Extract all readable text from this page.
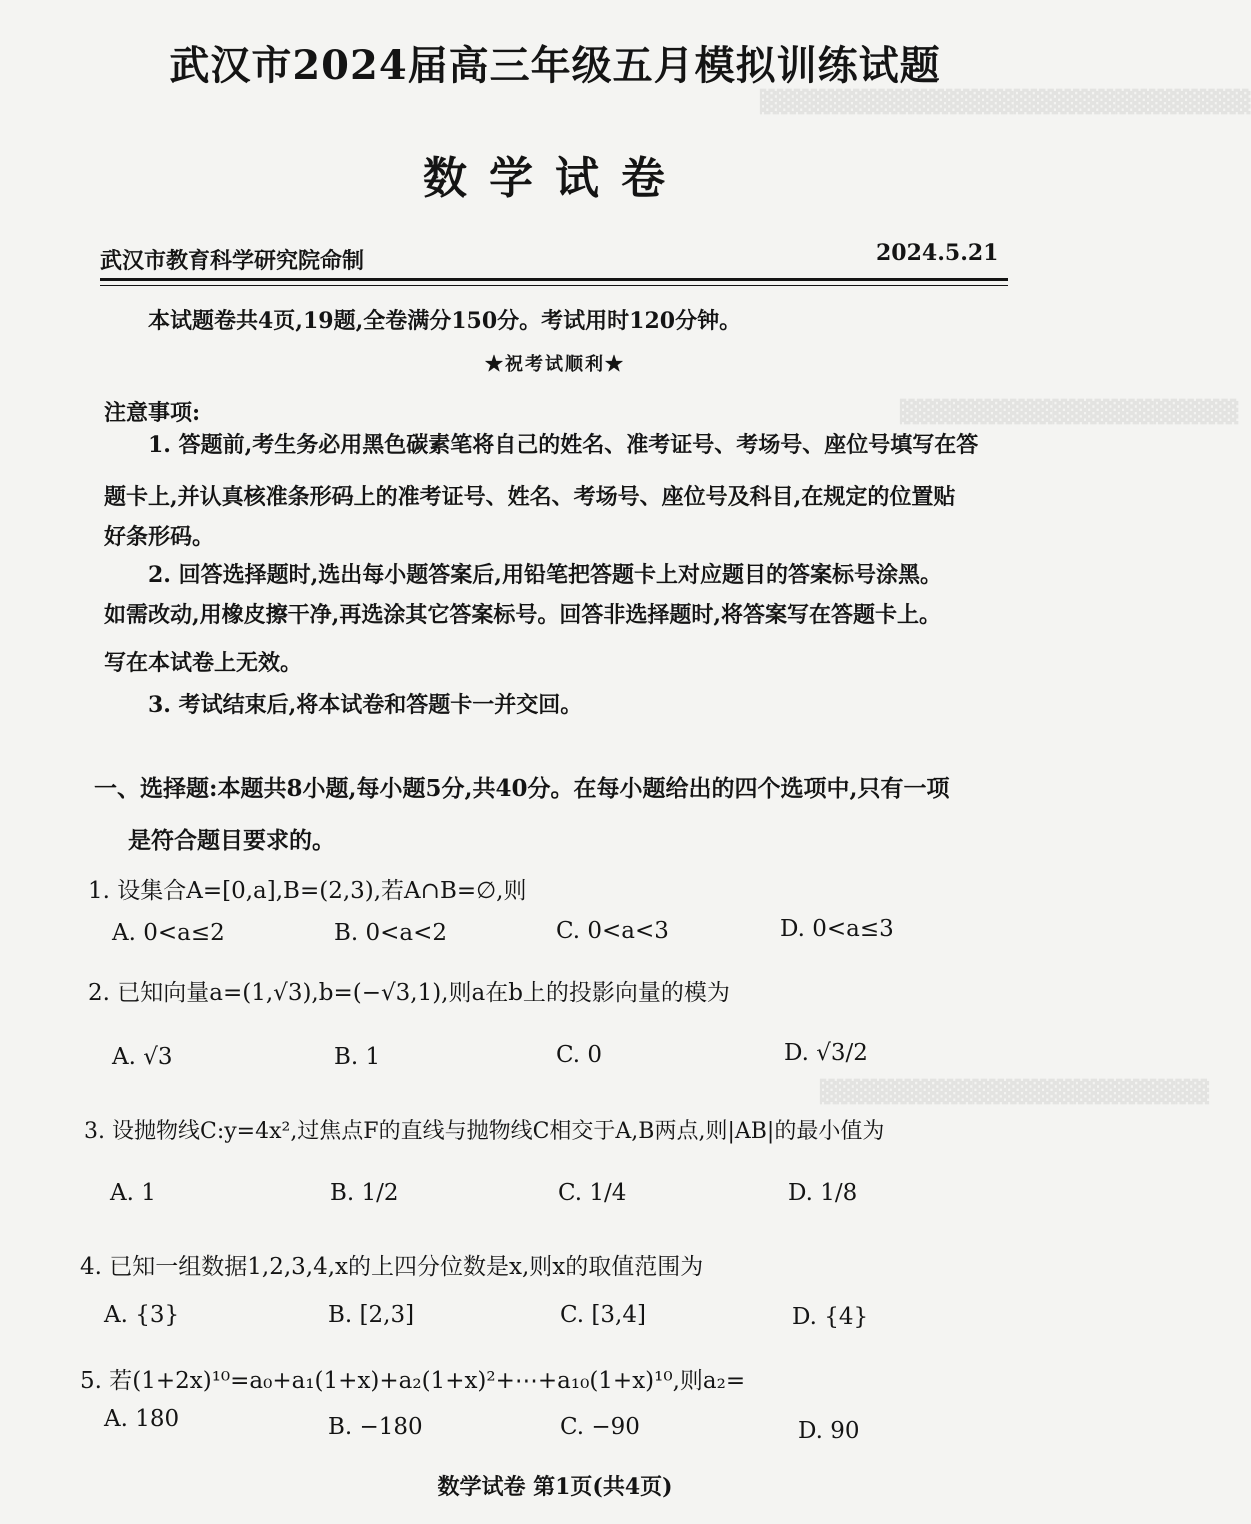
▓▓▓▓▓▓▓▓▓▓▓▓▓▓▓▓▓▓▓▓▓▓▓▓▓▓▓▓▓
▓▓▓▓▓▓▓▓▓▓▓▓▓▓▓▓▓▓▓▓
▓▓▓▓▓▓▓▓▓▓▓▓▓▓▓▓▓▓▓▓▓▓▓
武汉市2024届高三年级五月模拟训练试题
数学试卷
武汉市教育科学研究院命制	2024.5.21
本试题卷共4页,19题,全卷满分150分。考试用时120分钟。
★祝考试顺利★
注意事项:
1. 答题前,考生务必用黑色碳素笔将自己的姓名、准考证号、考场号、座位号填写在答
题卡上,并认真核准条形码上的准考证号、姓名、考场号、座位号及科目,在规定的位置贴
好条形码。
2. 回答选择题时,选出每小题答案后,用铅笔把答题卡上对应题目的答案标号涂黑。
如需改动,用橡皮擦干净,再选涂其它答案标号。回答非选择题时,将答案写在答题卡上。
写在本试卷上无效。
3. 考试结束后,将本试卷和答题卡一并交回。
一、选择题:本题共8小题,每小题5分,共40分。在每小题给出的四个选项中,只有一项
是符合题目要求的。
1. 设集合A=[0,a],B=(2,3),若A∩B=∅,则
A. 0<a≤2	B. 0<a<2	C. 0<a<3	D. 0<a≤3
2. 已知向量a=(1,√3),b=(−√3,1),则a在b上的投影向量的模为
A. √3	B. 1	C. 0	D. √3/2
3. 设抛物线C:y=4x²,过焦点F的直线与抛物线C相交于A,B两点,则|AB|的最小值为
A. 1	B. 1/2	C. 1/4	D. 1/8
4. 已知一组数据1,2,3,4,x的上四分位数是x,则x的取值范围为
A. {3}	B. [2,3]	C. [3,4]	D. {4}
5. 若(1+2x)¹⁰=a₀+a₁(1+x)+a₂(1+x)²+⋯+a₁₀(1+x)¹⁰,则a₂=
A. 180	B. −180	C. −90	D. 90
数学试卷 第1页(共4页)
